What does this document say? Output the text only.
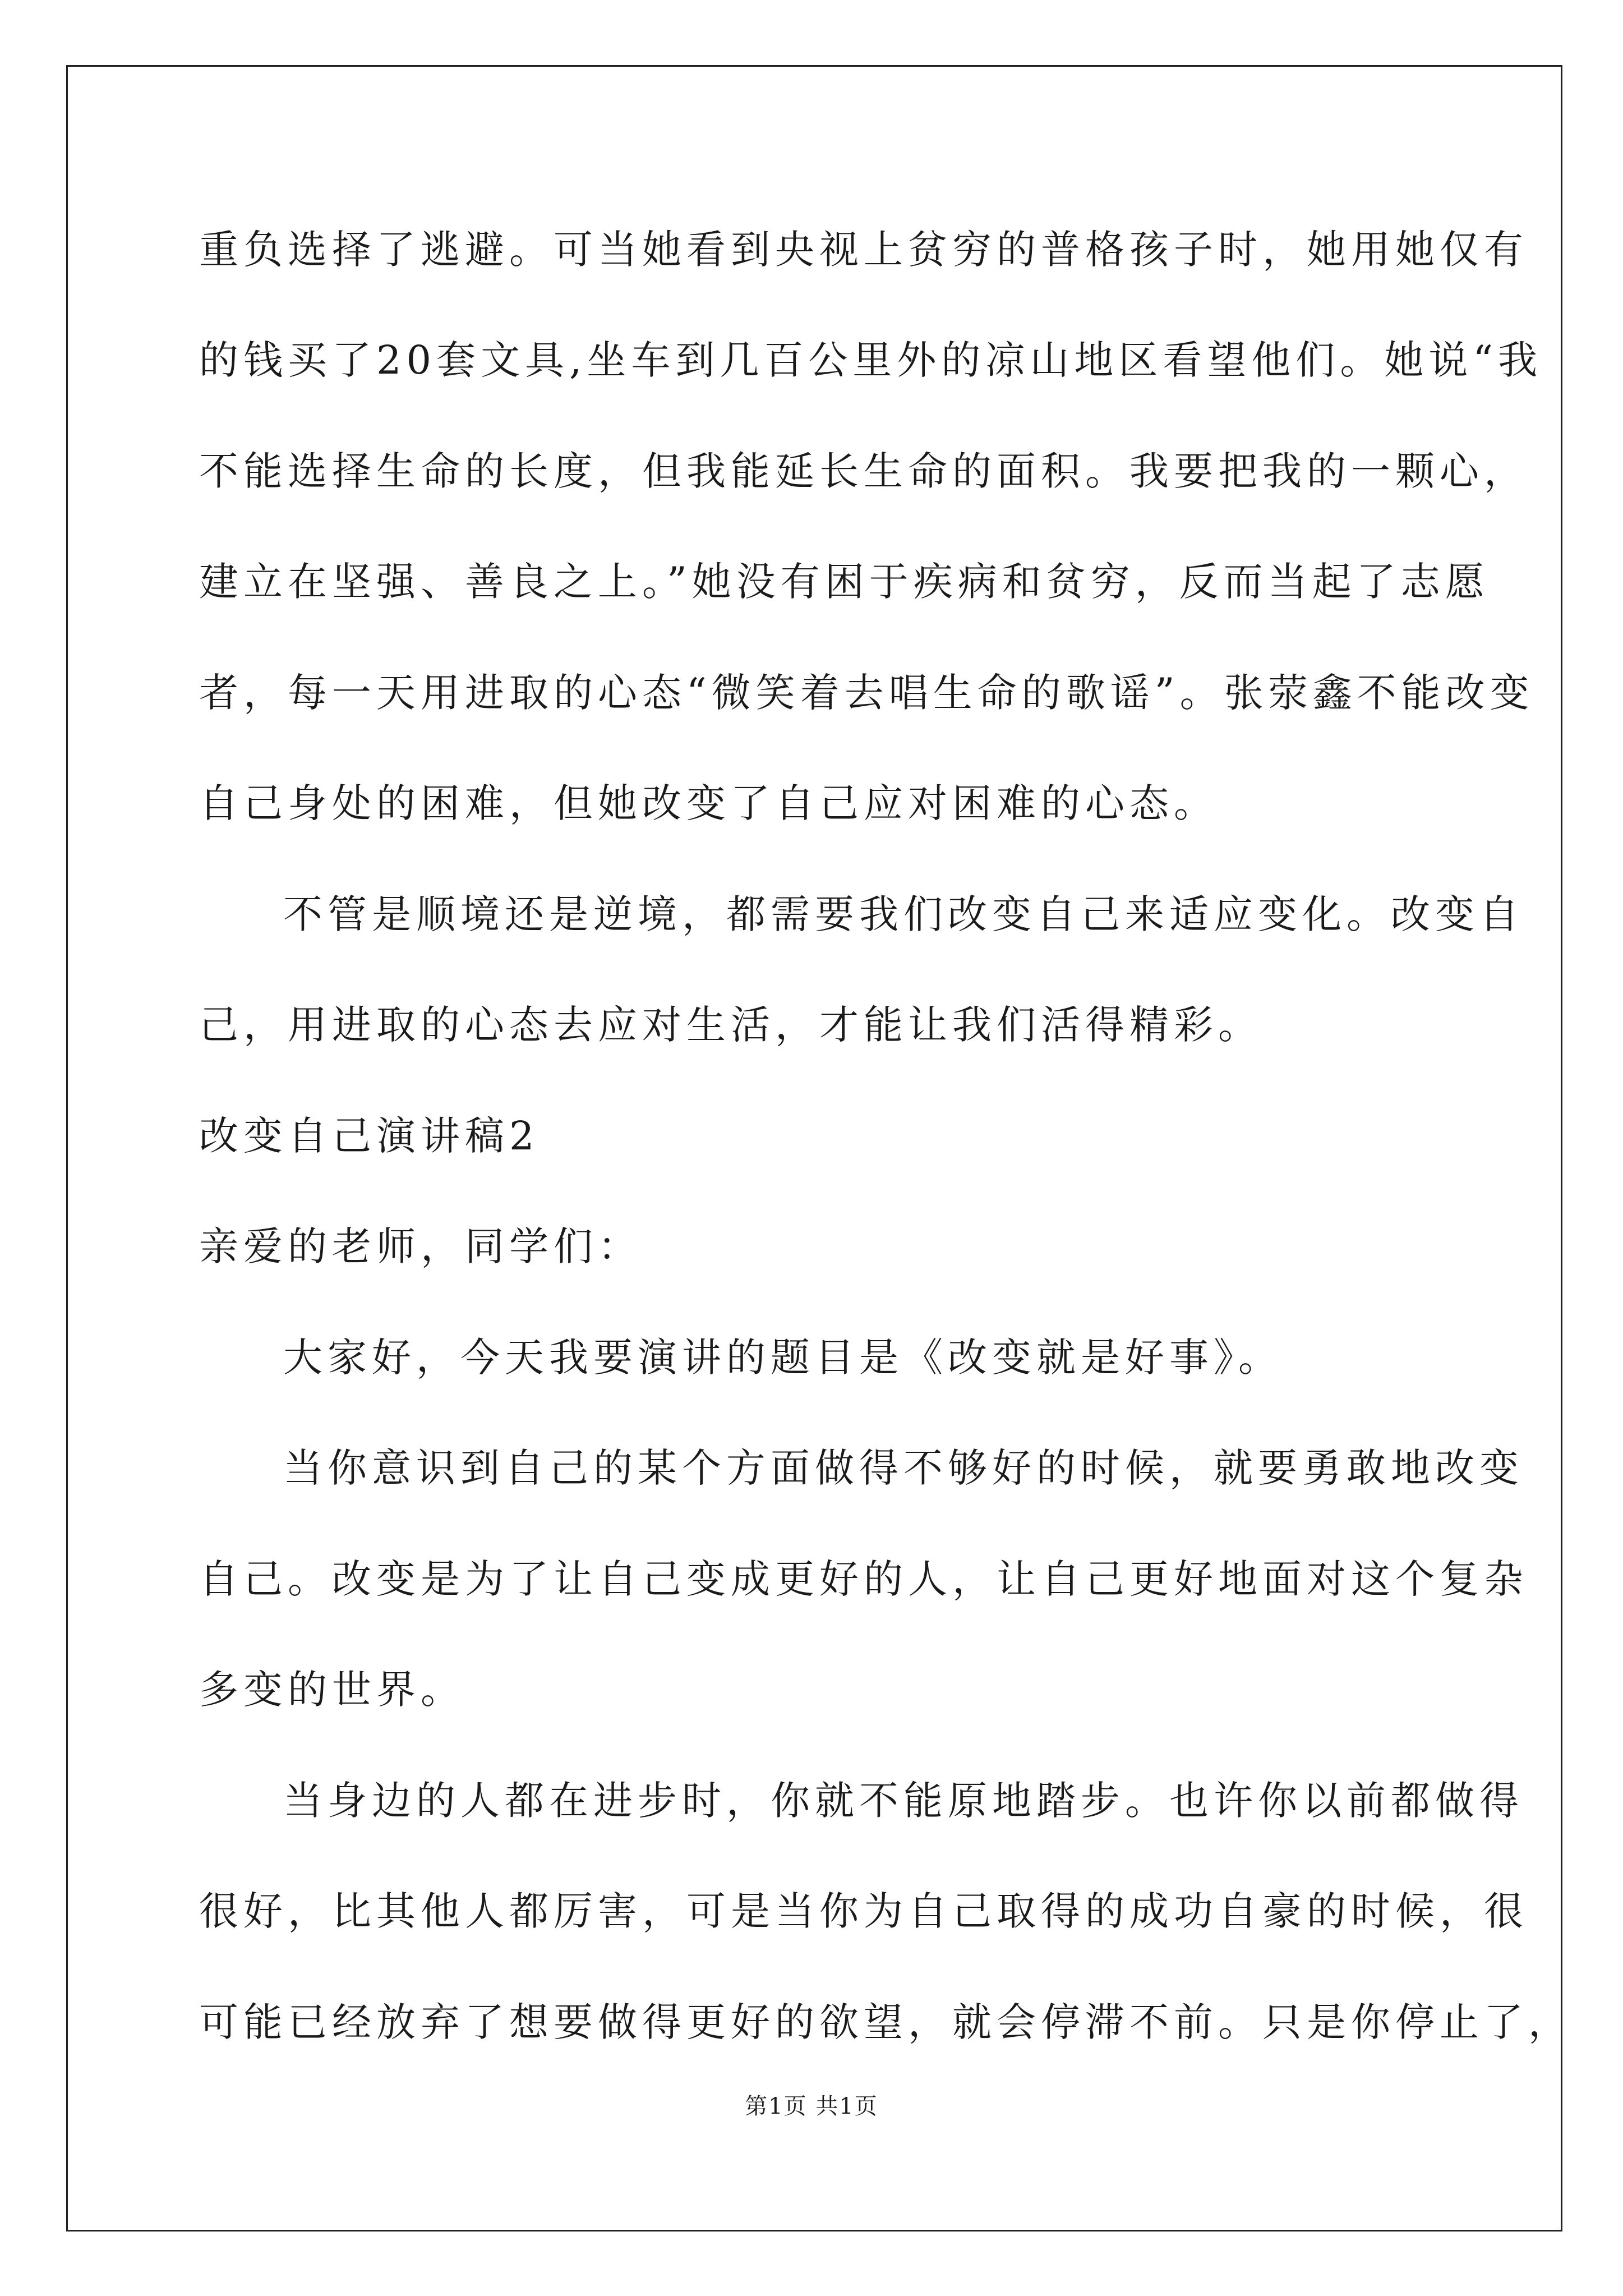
重负选择了逃避。可当她看到央视上贫穷的普格孩子时，她用她仅有
的钱买了20套文具,坐车到几百公里外的凉山地区看望他们。她说“我
不能选择生命的长度，但我能延长生命的面积。我要把我的一颗心，
建立在坚强、善良之上。”她没有困于疾病和贫穷，反而当起了志愿
者，每一天用进取的心态“微笑着去唱生命的歌谣”。张荥鑫不能改变
自己身处的困难，但她改变了自己应对困难的心态。
不管是顺境还是逆境，都需要我们改变自己来适应变化。改变自
己，用进取的心态去应对生活，才能让我们活得精彩。
改变自己演讲稿2
亲爱的老师，同学们：
大家好，今天我要演讲的题目是《改变就是好事》。
当你意识到自己的某个方面做得不够好的时候，就要勇敢地改变
自己。改变是为了让自己变成更好的人，让自己更好地面对这个复杂
多变的世界。
当身边的人都在进步时，你就不能原地踏步。也许你以前都做得
很好，比其他人都厉害，可是当你为自己取得的成功自豪的时候，很
可能已经放弃了想要做得更好的欲望，就会停滞不前。只是你停止了，
第1页 共1页
